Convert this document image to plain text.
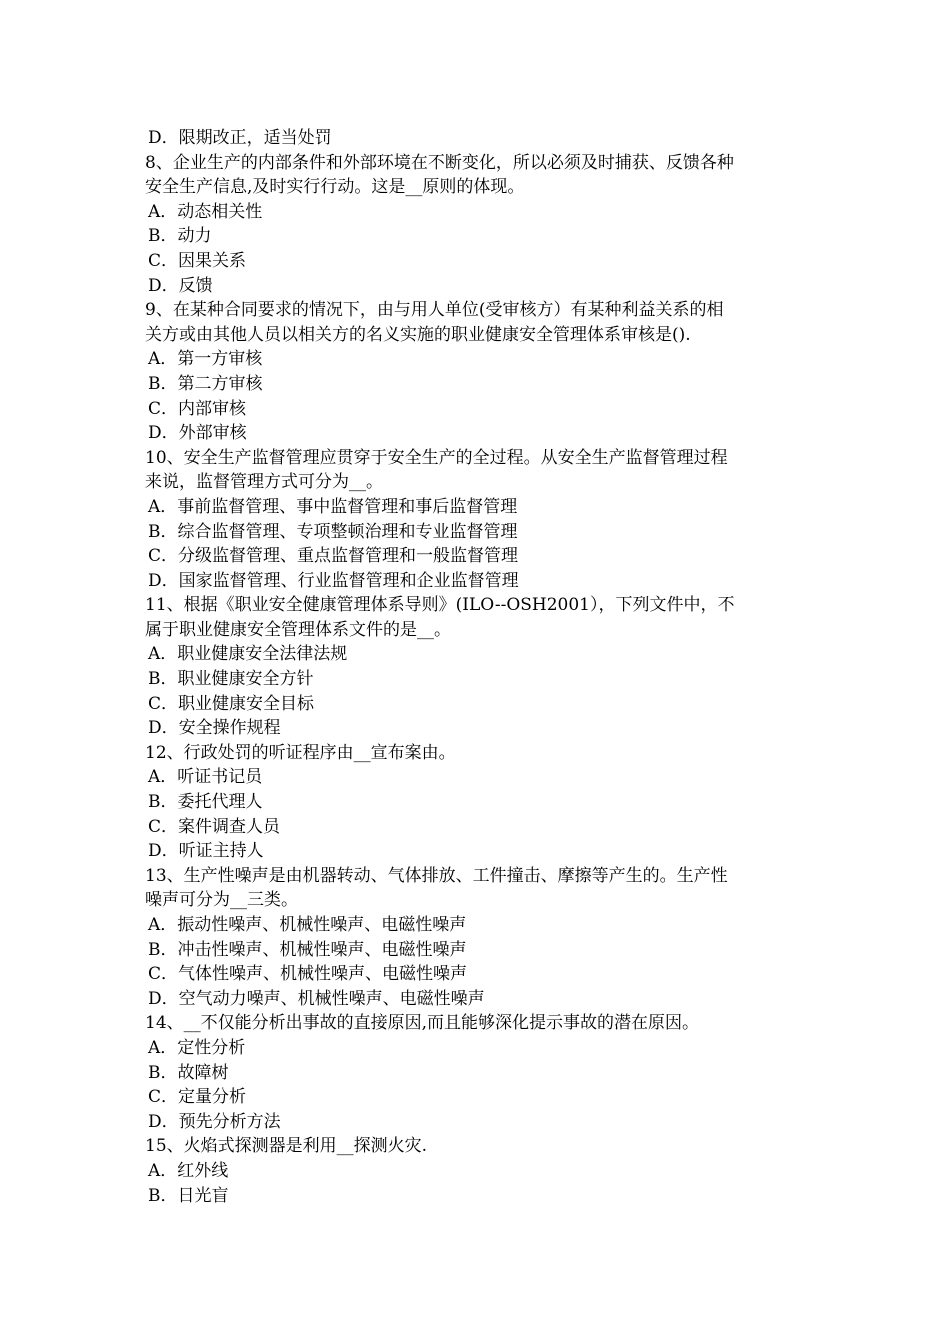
D．限期改正，适当处罚
8、企业生产的内部条件和外部环境在不断变化，所以必须及时捕获、反馈各种
安全生产信息,及时实行行动。这是__原则的体现。
A．动态相关性
B．动力
C．因果关系
D．反馈
9、在某种合同要求的情况下，由与用人单位(受审核方）有某种利益关系的相
关方或由其他人员以相关方的名义实施的职业健康安全管理体系审核是().
A．第一方审核
B．第二方审核
C．内部审核
D．外部审核
10、安全生产监督管理应贯穿于安全生产的全过程。从安全生产监督管理过程
来说，监督管理方式可分为__。
A．事前监督管理、事中监督管理和事后监督管理
B．综合监督管理、专项整顿治理和专业监督管理
C．分级监督管理、重点监督管理和一般监督管理
D．国家监督管理、行业监督管理和企业监督管理
11、根据《职业安全健康管理体系导则》(ILO--OSH2001），下列文件中，不
属于职业健康安全管理体系文件的是__。
A．职业健康安全法律法规
B．职业健康安全方针
C．职业健康安全目标
D．安全操作规程
12、行政处罚的听证程序由__宣布案由。
A．听证书记员
B．委托代理人
C．案件调查人员
D．听证主持人
13、生产性噪声是由机器转动、气体排放、工件撞击、摩擦等产生的。生产性
噪声可分为__三类。
A．振动性噪声、机械性噪声、电磁性噪声
B．冲击性噪声、机械性噪声、电磁性噪声
C．气体性噪声、机械性噪声、电磁性噪声
D．空气动力噪声、机械性噪声、电磁性噪声
14、__不仅能分析出事故的直接原因,而且能够深化提示事故的潜在原因。
A．定性分析
B．故障树
C．定量分析
D．预先分析方法
15、火焰式探测器是利用__探测火灾.
A．红外线
B．日光盲
